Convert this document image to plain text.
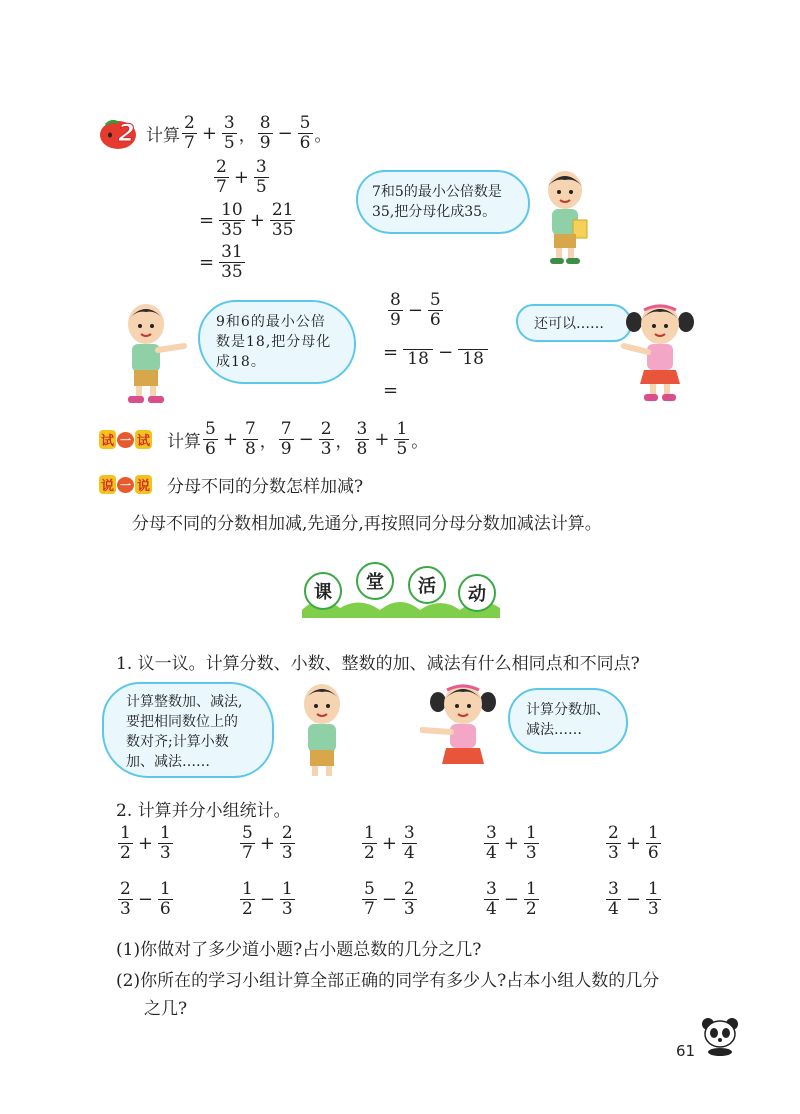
2 计算 $\frac{2}{7} + \frac{3}{5}$ ， $\frac{8}{9} - \frac{5}{6}$ 。
$\frac{2}{7} + \frac{3}{5}$
= $\frac{10}{35} + \frac{21}{35}$
= $\frac{31}{35}$
7和5的最小公倍数是35,把分母化成35。
9和6的最小公倍数是18,把分母化成18。
$\frac{8}{9} - \frac{5}{6}$
= 18 − 18
=
还可以……
试 一 试 计算 $\frac{5}{6} + \frac{7}{8}$ ， $\frac{7}{9} - \frac{2}{3}$ ， $\frac{3}{8} + \frac{1}{5}$ 。
说 一 说 分母不同的分数怎样加减?
分母不同的分数相加减,先通分,再按照同分母分数加减法计算。
课	堂	活	动
1. 议一议。计算分数、小数、整数的加、减法有什么相同点和不同点?
计算整数加、减法,要把相同数位上的数对齐;计算小数加、减法……
计算分数加、减法……
2. 计算并分小组统计。
$\frac{1}{2} + \frac{1}{3}$	$\frac{5}{7} + \frac{2}{3}$	$\frac{1}{2} + \frac{3}{4}$	$\frac{3}{4} + \frac{1}{3}$	$\frac{2}{3} + \frac{1}{6}$
$\frac{2}{3} - \frac{1}{6}$	$\frac{1}{2} - \frac{1}{3}$	$\frac{5}{7} - \frac{2}{3}$	$\frac{3}{4} - \frac{1}{2}$	$\frac{3}{4} - \frac{1}{3}$
(1)你做对了多少道小题?占小题总数的几分之几?
(2)你所在的学习小组计算全部正确的同学有多少人?占本小组人数的几分
之几?
61
